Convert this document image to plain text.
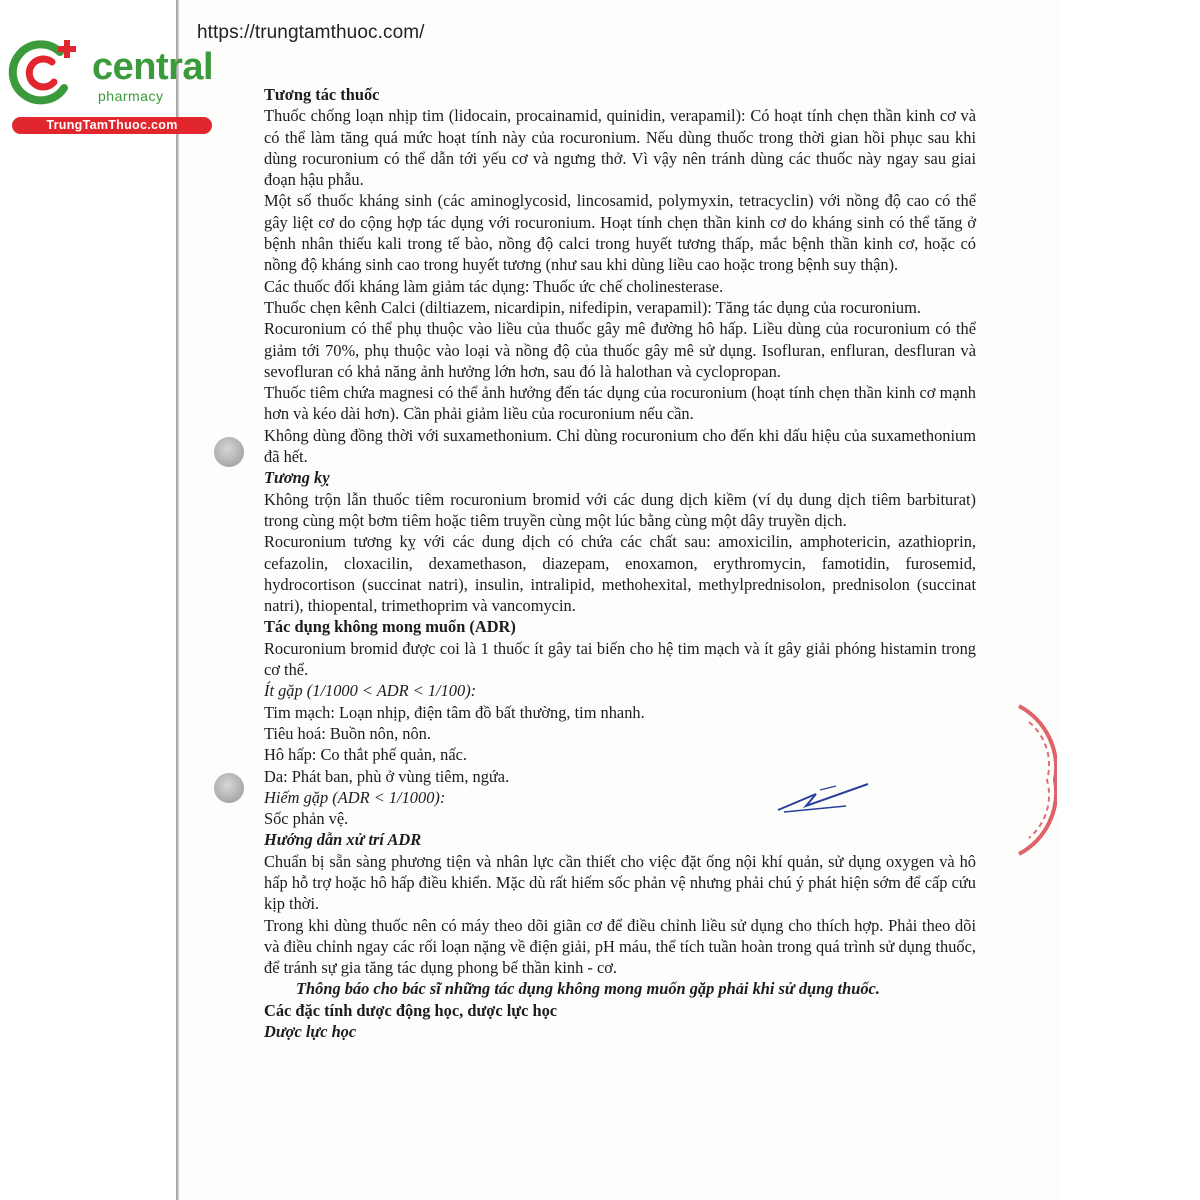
central
pharmacy
TrungTamThuoc.com
https://trungtamthuoc.com/

Tương tác thuốc

Thuốc chống loạn nhịp tim (lidocain, procainamid, quinidin, verapamil): Có hoạt tính chẹn thần kinh cơ và có thể làm tăng quá mức hoạt tính này của rocuronium. Nếu dùng thuốc trong thời gian hồi phục sau khi dùng rocuronium có thể dẫn tới yếu cơ và ngưng thở. Vì vậy nên tránh dùng các thuốc này ngay sau giai đoạn hậu phẫu.

Một số thuốc kháng sinh (các aminoglycosid, lincosamid, polymyxin, tetracyclin) với nồng độ cao có thể gây liệt cơ do cộng hợp tác dụng với rocuronium. Hoạt tính chẹn thần kinh cơ do kháng sinh có thể tăng ở bệnh nhân thiếu kali trong tế bào, nồng độ calci trong huyết tương thấp, mắc bệnh thần kinh cơ, hoặc có nồng độ kháng sinh cao trong huyết tương (như sau khi dùng liều cao hoặc trong bệnh suy thận).

Các thuốc đối kháng làm giảm tác dụng: Thuốc ức chế cholinesterase.

Thuốc chẹn kênh Calci (diltiazem, nicardipin, nifedipin, verapamil): Tăng tác dụng của rocuronium.

Rocuronium có thể phụ thuộc vào liều của thuốc gây mê đường hô hấp. Liều dùng của rocuronium có thể giảm tới 70%, phụ thuộc vào loại và nồng độ của thuốc gây mê sử dụng. Isofluran, enfluran, desfluran và sevofluran có khả năng ảnh hưởng lớn hơn, sau đó là halothan và cyclopropan.

Thuốc tiêm chứa magnesi có thể ảnh hưởng đến tác dụng của rocuronium (hoạt tính chẹn thần kinh cơ mạnh hơn và kéo dài hơn). Cần phải giảm liều của rocuronium nếu cần.

Không dùng đồng thời với suxamethonium. Chỉ dùng rocuronium cho đến khi dấu hiệu của suxamethonium đã hết.

Tương kỵ

Không trộn lẫn thuốc tiêm rocuronium bromid với các dung dịch kiềm (ví dụ dung dịch tiêm barbiturat) trong cùng một bơm tiêm hoặc tiêm truyền cùng một lúc bằng cùng một dây truyền dịch.

Rocuronium tương kỵ với các dung dịch có chứa các chất sau: amoxicilin, amphotericin, azathioprin, cefazolin, cloxacilin, dexamethason, diazepam, enoxamon, erythromycin, famotidin, furosemid, hydrocortison (succinat natri), insulin, intralipid, methohexital, methylprednisolon, prednisolon (succinat natri), thiopental, trimethoprim và vancomycin.

Tác dụng không mong muốn (ADR)

Rocuronium bromid được coi là 1 thuốc ít gây tai biến cho hệ tim mạch và ít gây giải phóng histamin trong cơ thể.

Ít gặp (1/1000 < ADR < 1/100):

Tim mạch: Loạn nhịp, điện tâm đồ bất thường, tim nhanh.

Tiêu hoá: Buồn nôn, nôn.

Hô hấp: Co thắt phế quản, nấc.

Da: Phát ban, phù ở vùng tiêm, ngứa.

Hiếm gặp (ADR < 1/1000):

Sốc phản vệ.

Hướng dẫn xử trí ADR

Chuẩn bị sẵn sàng phương tiện và nhân lực cần thiết cho việc đặt ống nội khí quản, sử dụng oxygen và hô hấp hỗ trợ hoặc hô hấp điều khiển. Mặc dù rất hiếm sốc phản vệ nhưng phải chú ý phát hiện sớm để cấp cứu kịp thời.

Trong khi dùng thuốc nên có máy theo dõi giãn cơ để điều chỉnh liều sử dụng cho thích hợp. Phải theo dõi và điều chỉnh ngay các rối loạn nặng về điện giải, pH máu, thể tích tuần hoàn trong quá trình sử dụng thuốc, để tránh sự gia tăng tác dụng phong bế thần kinh - cơ.

Thông báo cho bác sĩ những tác dụng không mong muốn gặp phải khi sử dụng thuốc.

Các đặc tính dược động học, dược lực học

Dược lực học
